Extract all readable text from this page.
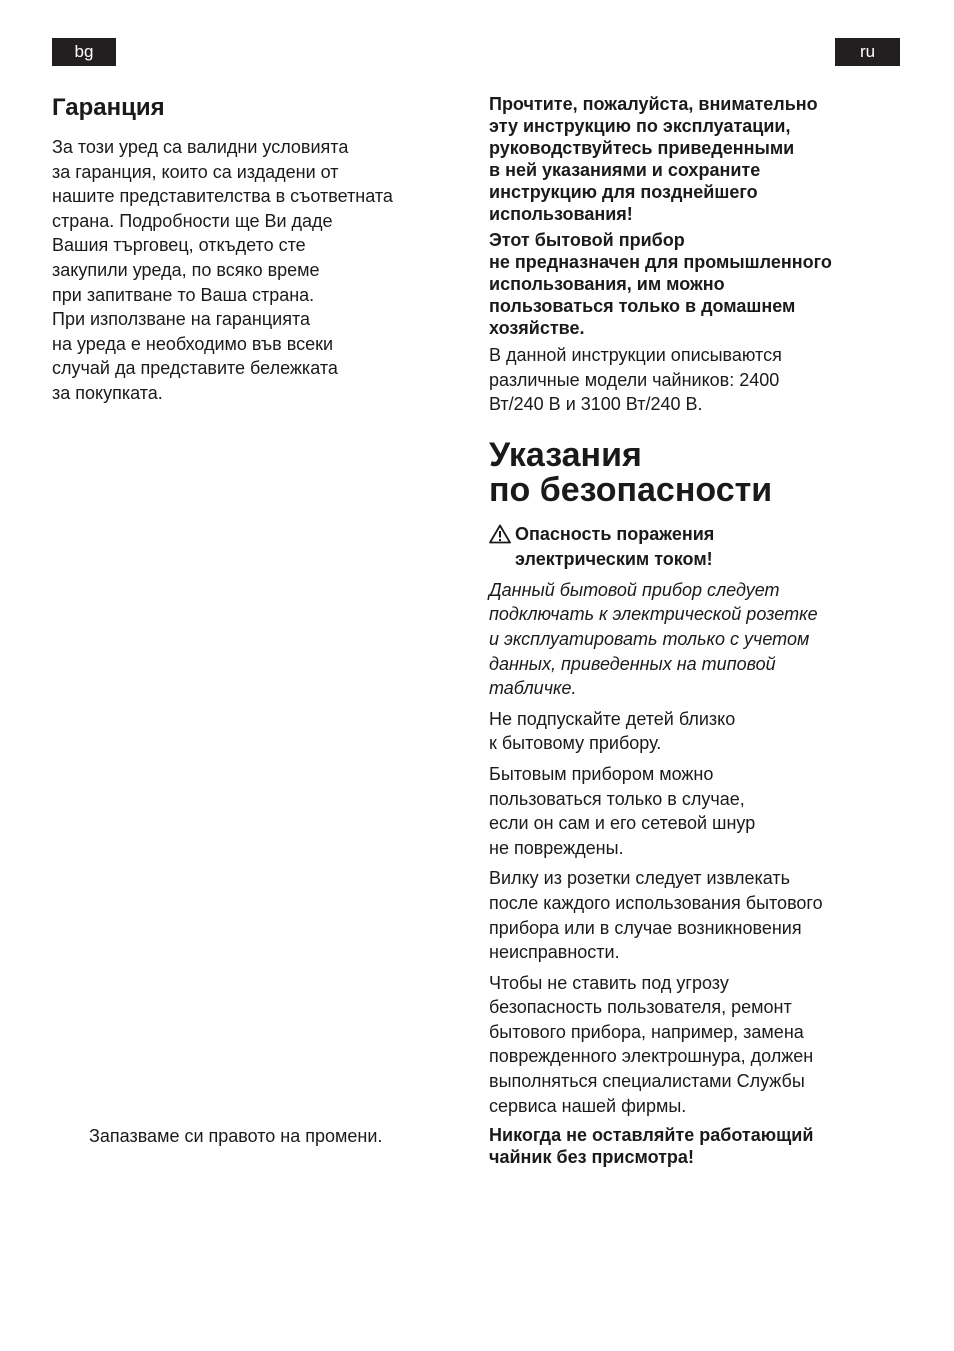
bg	ru
Гаранция
За този уред са валидни условията
за гаранция, които са издадени от
нашите представителства в съответната
страна. Подробности ще Ви даде
Вашия търговец, откъдето сте
закупили уреда, по всяко време
при запитване то Ваша страна.
При използване на гаранцията
на уреда е необходимо във всеки
случай да представите бележката
за покупката.
Запазваме си правото на промени.
Прочтите, пожалуйста, внимательно
эту инструкцию по эксплуатации,
руководствуйтесь приведенными
в ней указаниями и сохраните
инструкцию для позднейшего
использования!
Этот бытовой прибор
не предназначен для промышленного
использования, им можно
пользоваться только в домашнем
хозяйстве.
В данной инструкции описываются
различные модели чайников: 2400
Вт/240 В и 3100 Вт/240 В.
Указания
по безопасности
Опасность поражения
электрическим током!
Данный бытовой прибор следует
подключать к электрической розетке
и эксплуатировать только с учетом
данных, приведенных на типовой
табличке.
Не подпускайте детей близко
к бытовому прибору.
Бытовым прибором можно
пользоваться только в случае,
если он сам и его сетевой шнур
не повреждены.
Вилку из розетки следует извлекать
после каждого использования бытового
прибора или в случае возникновения
неисправности.
Чтобы не ставить под угрозу
безопасность пользователя, ремонт
бытового прибора, например, замена
поврежденного электрошнура, должен
выполняться специалистами Службы
сервиса нашей фирмы.
Никогда не оставляйте работающий
чайник без присмотра!
